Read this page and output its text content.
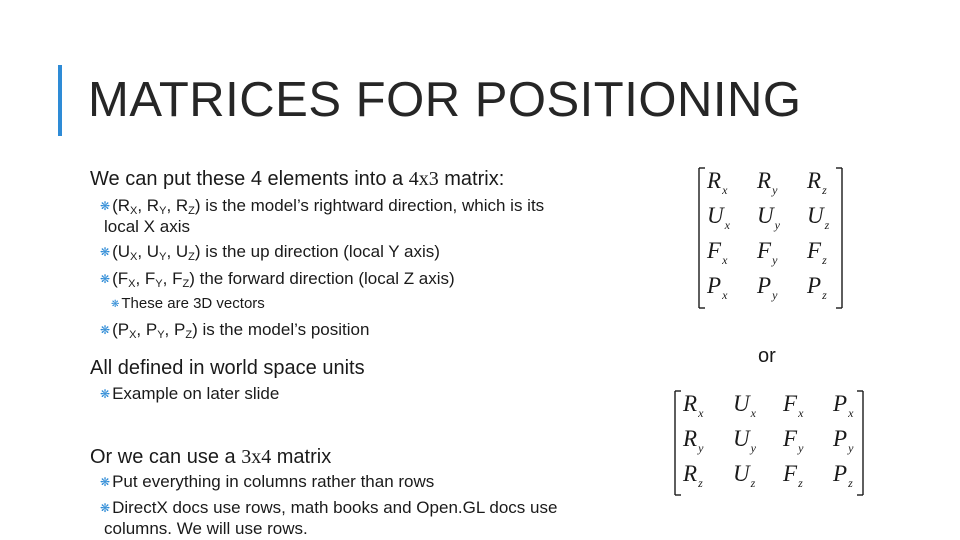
MATRICES FOR POSITIONING
We can put these 4 elements into a 4x3 matrix:
❋ ($R_X$, $R_Y$, $R_Z$) is the model’s rightward direction, which is its
local X axis
❋ ($U_X$, $U_Y$, $U_Z$) is the up direction (local Y axis)
❋ ($F_X$, $F_Y$, $F_Z$) the forward direction (local Z axis)
❋ These are 3D vectors
❋ ($P_X$, $P_Y$, $P_Z$) is the model’s position
All defined in world space units
❋ Example on later slide
Or we can use a 3x4 matrix
❋ Put everything in columns rather than rows
❋ DirectX docs use rows, math books and Open.GL docs use
columns. We will use rows.
$R_x$ $R_y$ $R_z$
$U_x$ $U_y$ $U_z$
$F_x$ $F_y$ $F_z$
$P_x$ $P_y$ $P_z$
or
$R_x$ $U_x$ $F_x$ $P_x$
$R_y$ $U_y$ $F_y$ $P_y$
$R_z$ $U_z$ $F_z$ $P_z$
